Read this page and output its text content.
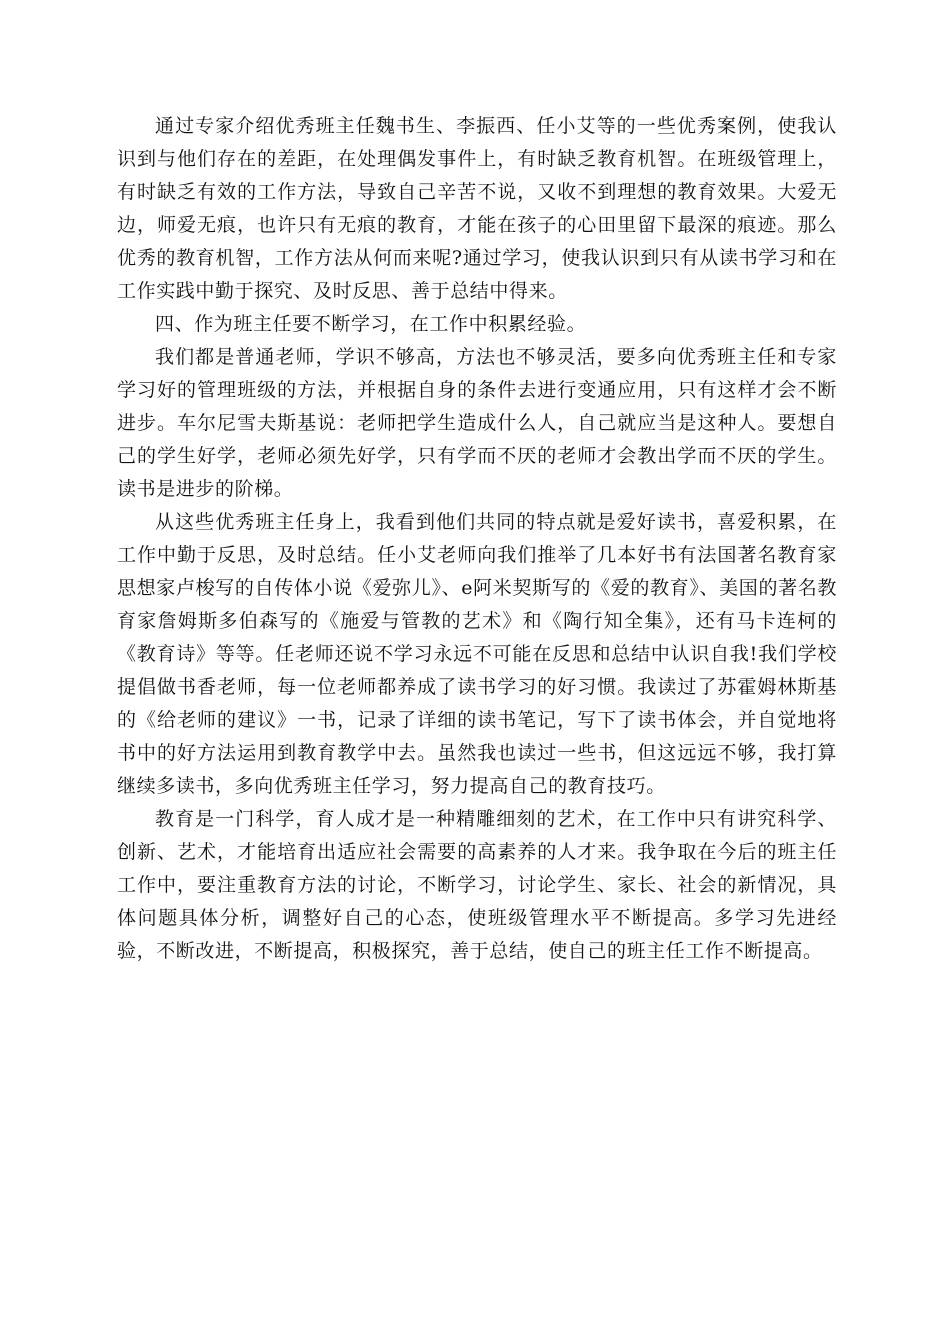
通过专家介绍优秀班主任魏书生、李振西、任小艾等的一些优秀案例，使我认识到与他们存在的差距，在处理偶发事件上，有时缺乏教育机智。在班级管理上，有时缺乏有效的工作方法，导致自己辛苦不说，又收不到理想的教育效果。大爱无边，师爱无痕，也许只有无痕的教育，才能在孩子的心田里留下最深的痕迹。那么优秀的教育机智，工作方法从何而来呢?通过学习，使我认识到只有从读书学习和在工作实践中勤于探究、及时反思、善于总结中得来。

四、作为班主任要不断学习，在工作中积累经验。

我们都是普通老师，学识不够高，方法也不够灵活，要多向优秀班主任和专家学习好的管理班级的方法，并根据自身的条件去进行变通应用，只有这样才会不断进步。车尔尼雪夫斯基说：老师把学生造成什么人，自己就应当是这种人。要想自己的学生好学，老师必须先好学，只有学而不厌的老师才会教出学而不厌的学生。读书是进步的阶梯。

从这些优秀班主任身上，我看到他们共同的特点就是爱好读书，喜爱积累，在工作中勤于反思，及时总结。任小艾老师向我们推举了几本好书有法国著名教育家思想家卢梭写的自传体小说《爱弥儿》、e阿米契斯写的《爱的教育》、美国的著名教育家詹姆斯多伯森写的《施爱与管教的艺术》和《陶行知全集》，还有马卡连柯的《教育诗》等等。任老师还说不学习永远不可能在反思和总结中认识自我!我们学校提倡做书香老师，每一位老师都养成了读书学习的好习惯。我读过了苏霍姆林斯基的《给老师的建议》一书，记录了详细的读书笔记，写下了读书体会，并自觉地将书中的好方法运用到教育教学中去。虽然我也读过一些书，但这远远不够，我打算继续多读书，多向优秀班主任学习，努力提高自己的教育技巧。

教育是一门科学，育人成才是一种精雕细刻的艺术，在工作中只有讲究科学、创新、艺术，才能培育出适应社会需要的高素养的人才来。我争取在今后的班主任工作中，要注重教育方法的讨论，不断学习，讨论学生、家长、社会的新情况，具体问题具体分析，调整好自己的心态，使班级管理水平不断提高。多学习先进经验，不断改进，不断提高，积极探究，善于总结，使自己的班主任工作不断提高。
